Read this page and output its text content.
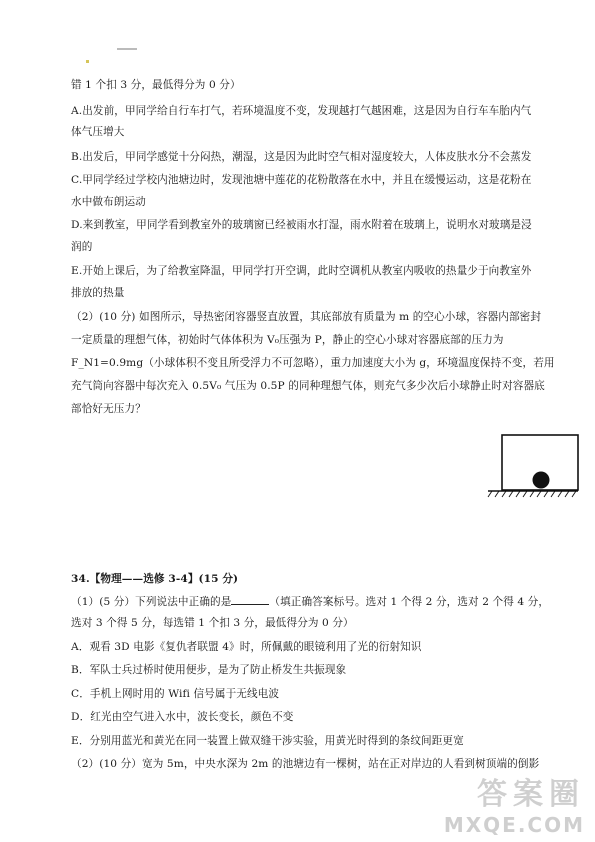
错 1 个扣 3 分，最低得分为 0 分）
A.出发前，甲同学给自行车打气，若环境温度不变，发现越打气越困难，这是因为自行车车胎内气
体气压增大
B.出发后，甲同学感觉十分闷热，潮湿，这是因为此时空气相对湿度较大，人体皮肤水分不会蒸发
C.甲同学经过学校内池塘边时，发现池塘中莲花的花粉散落在水中，并且在缓慢运动，这是花粉在
水中做布朗运动
D.来到教室，甲同学看到教室外的玻璃窗已经被雨水打湿，雨水附着在玻璃上，说明水对玻璃是浸
润的
E.开始上课后，为了给教室降温，甲同学打开空调，此时空调机从教室内吸收的热量少于向教室外
排放的热量
（2）(10 分) 如图所示，导热密闭容器竖直放置，其底部放有质量为 m 的空心小球，容器内部密封
一定质量的理想气体，初始时气体体积为 V₀压强为 P，静止的空心小球对容器底部的压力为
F_N1=0.9mg（小球体积不变且所受浮力不可忽略），重力加速度大小为 g，环境温度保持不变，若用
充气筒向容器中每次充入 0.5V₀ 气压为 0.5P 的同种理想气体，则充气多少次后小球静止时对容器底
部恰好无压力？
34.【物理——选修 3-4】(15 分)
（1）(5 分）下列说法中正确的是	（填正确答案标号。选对 1 个得 2 分，选对 2 个得 4 分，
选对 3 个得 5 分，每选错 1 个扣 3 分，最低得分为 0 分）
A．观看 3D 电影《复仇者联盟 4》时，所佩戴的眼镜利用了光的衍射知识
B．军队士兵过桥时使用便步，是为了防止桥发生共振现象
C．手机上网时用的 Wifi 信号属于无线电波
D．红光由空气进入水中，波长变长，颜色不变
E．分别用蓝光和黄光在同一装置上做双缝干涉实验，用黄光时得到的条纹间距更宽
（2）(10 分）宽为 5m，中央水深为 2m 的池塘边有一棵树，站在正对岸边的人看到树顶端的倒影
答案圈
MXQE.COM
